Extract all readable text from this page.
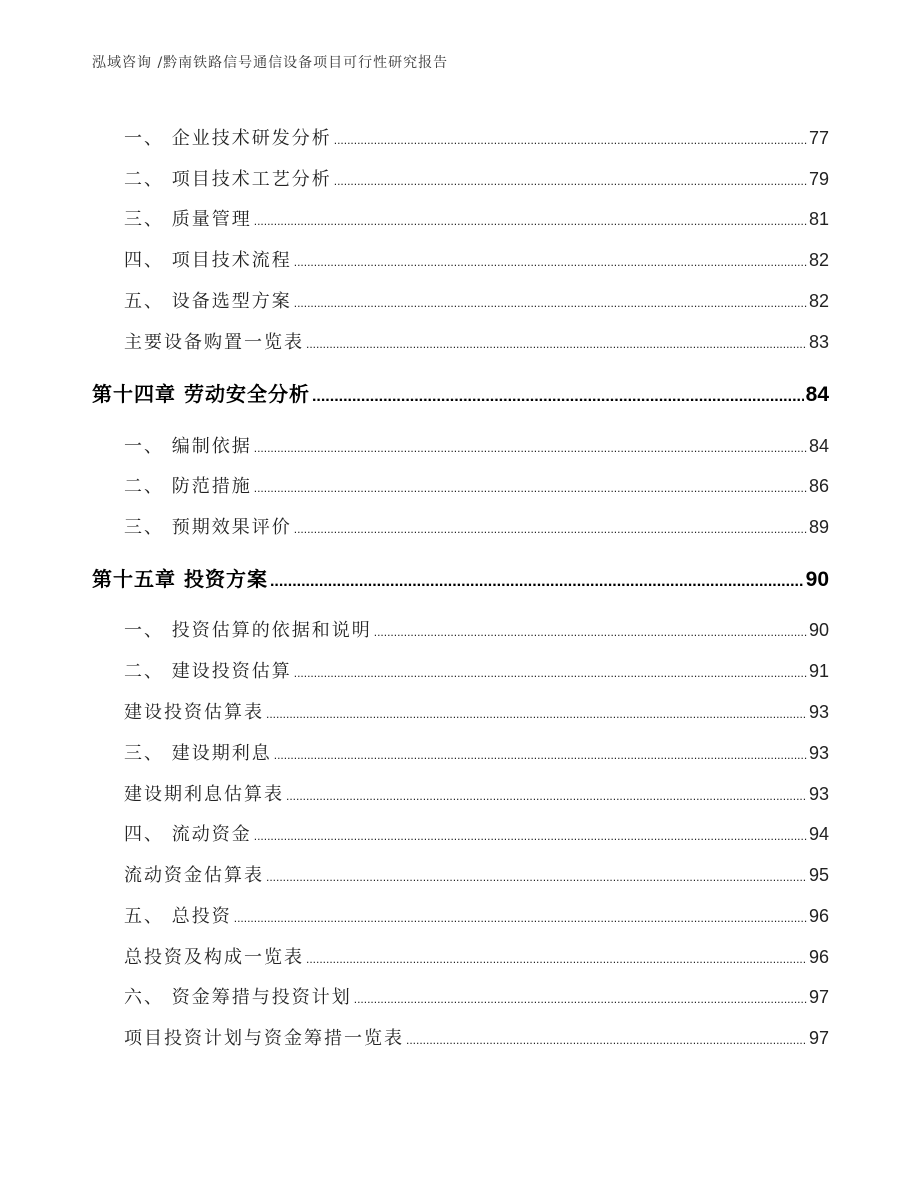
泓域咨询 /黔南铁路信号通信设备项目可行性研究报告
一、 企业技术研发分析 .....	77
二、 项目技术工艺分析 .....	79
三、 质量管理 .....	81
四、 项目技术流程 .....	82
五、 设备选型方案 .....	82
主要设备购置一览表 .....	83
第十四章 劳动安全分析 .....	84
一、 编制依据 .....	84
二、 防范措施 .....	86
三、 预期效果评价 .....	89
第十五章 投资方案 .....	90
一、 投资估算的依据和说明 .....	90
二、 建设投资估算 .....	91
建设投资估算表 .....	93
三、 建设期利息 .....	93
建设期利息估算表 .....	93
四、 流动资金 .....	94
流动资金估算表 .....	95
五、 总投资 .....	96
总投资及构成一览表 .....	96
六、 资金筹措与投资计划 .....	97
项目投资计划与资金筹措一览表 .....	97
